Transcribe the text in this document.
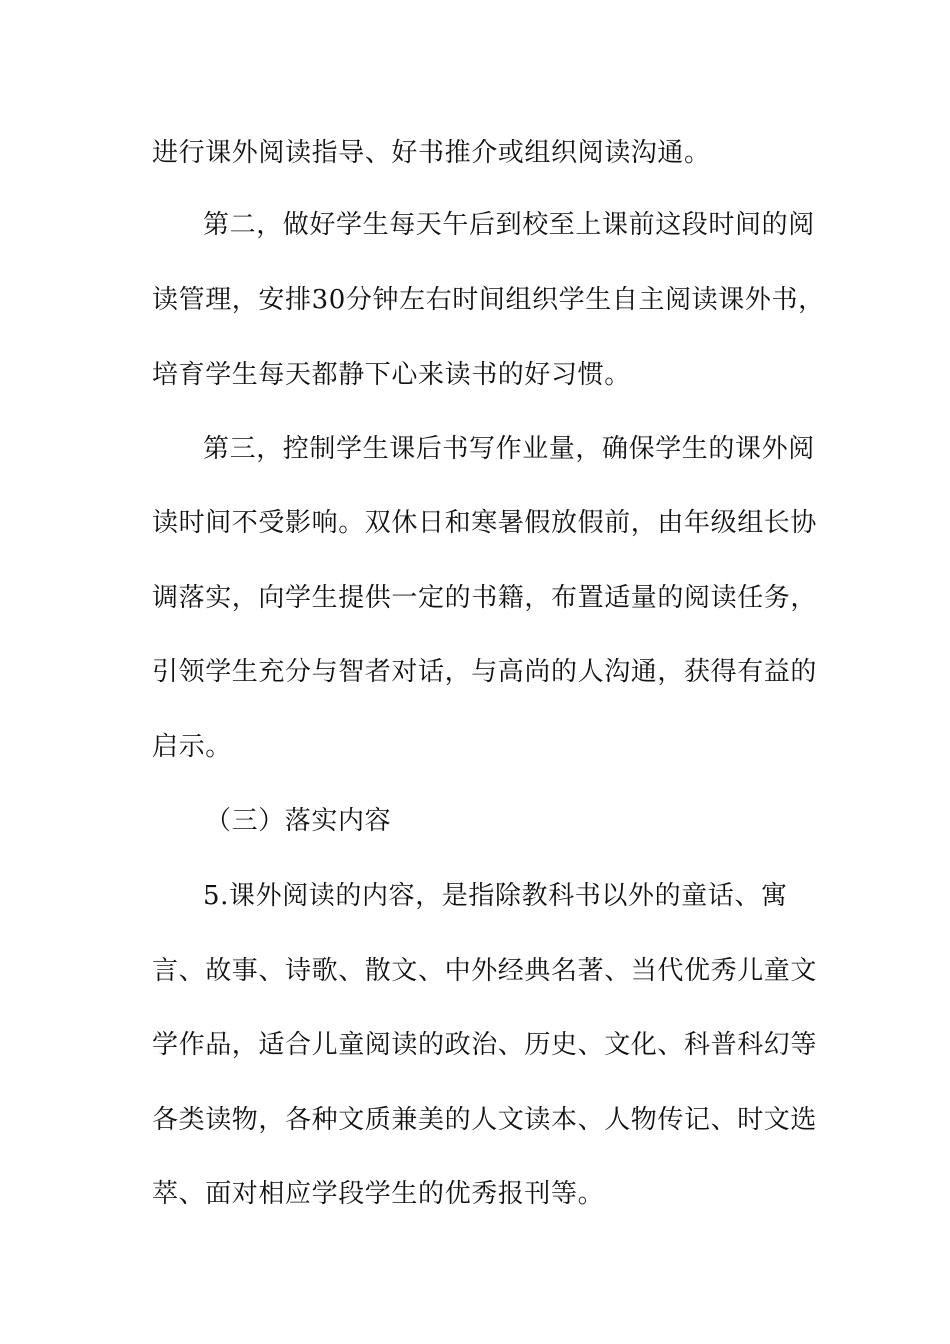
进行课外阅读指导、好书推介或组织阅读沟通。
第二，做好学生每天午后到校至上课前这段时间的阅
读管理，安排30分钟左右时间组织学生自主阅读课外书，
培育学生每天都静下心来读书的好习惯。
第三，控制学生课后书写作业量，确保学生的课外阅
读时间不受影响。双休日和寒暑假放假前，由年级组长协
调落实，向学生提供一定的书籍，布置适量的阅读任务，
引领学生充分与智者对话，与高尚的人沟通，获得有益的
启示。
（三）落实内容
5.课外阅读的内容，是指除教科书以外的童话、寓
言、故事、诗歌、散文、中外经典名著、当代优秀儿童文
学作品，适合儿童阅读的政治、历史、文化、科普科幻等
各类读物，各种文质兼美的人文读本、人物传记、时文选
萃、面对相应学段学生的优秀报刊等。
